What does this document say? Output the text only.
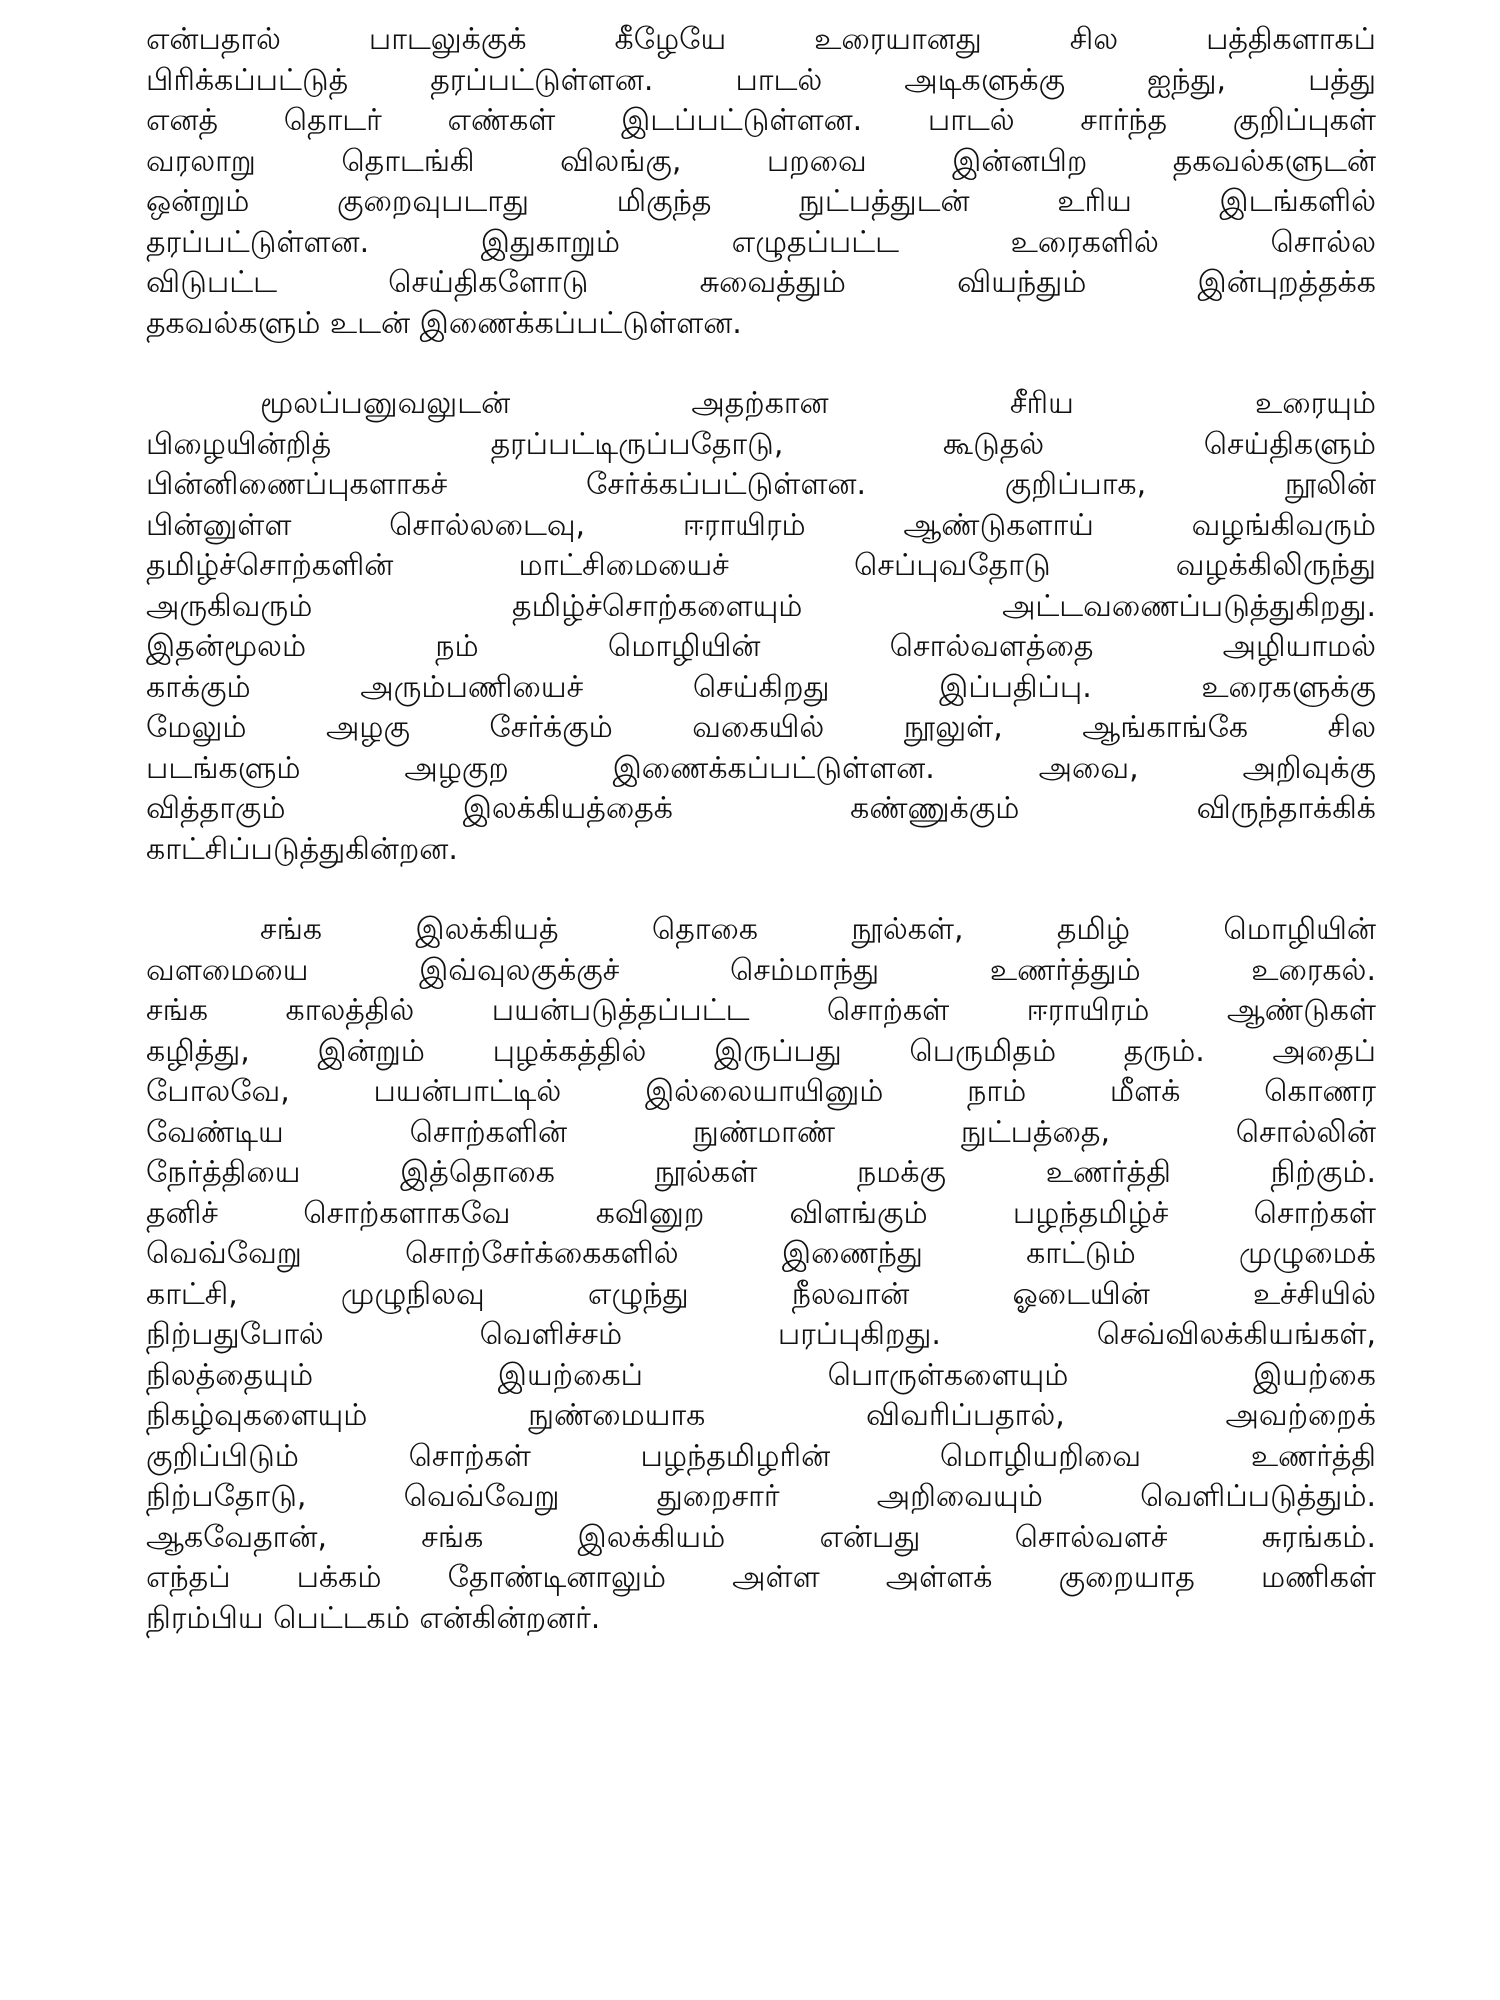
என்பதால் பாடலுக்குக் கீழேயே உரையானது சில பத்திகளாகப்
பிரிக்கப்பட்டுத் தரப்பட்டுள்ளன. பாடல் அடிகளுக்கு ஐந்து, பத்து
எனத் தொடர் எண்கள் இடப்பட்டுள்ளன. பாடல் சார்ந்த குறிப்புகள்
வரலாறு தொடங்கி விலங்கு, பறவை இன்னபிற தகவல்களுடன்
ஒன்றும் குறைவுபடாது மிகுந்த நுட்பத்துடன் உரிய இடங்களில்
தரப்பட்டுள்ளன. இதுகாறும் எழுதப்பட்ட உரைகளில் சொல்ல
விடுபட்ட செய்திகளோடு சுவைத்தும் வியந்தும் இன்புறத்தக்க
தகவல்களும் உடன் இணைக்கப்பட்டுள்ளன.
மூலப்பனுவலுடன் அதற்கான சீரிய உரையும்
பிழையின்றித் தரப்பட்டிருப்பதோடு, கூடுதல் செய்திகளும்
பின்னிணைப்புகளாகச் சேர்க்கப்பட்டுள்ளன. குறிப்பாக, நூலின்
பின்னுள்ள சொல்லடைவு, ஈராயிரம் ஆண்டுகளாய் வழங்கிவரும்
தமிழ்ச்சொற்களின் மாட்சிமையைச் செப்புவதோடு வழக்கிலிருந்து
அருகிவரும் தமிழ்ச்சொற்களையும் அட்டவணைப்படுத்துகிறது.
இதன்மூலம் நம் மொழியின் சொல்வளத்தை அழியாமல்
காக்கும் அரும்பணியைச் செய்கிறது இப்பதிப்பு. உரைகளுக்கு
மேலும் அழகு சேர்க்கும் வகையில் நூலுள், ஆங்காங்கே சில
படங்களும் அழகுற இணைக்கப்பட்டுள்ளன. அவை, அறிவுக்கு
வித்தாகும் இலக்கியத்தைக் கண்ணுக்கும் விருந்தாக்கிக்
காட்சிப்படுத்துகின்றன.
சங்க இலக்கியத் தொகை நூல்கள், தமிழ் மொழியின்
வளமையை இவ்வுலகுக்குச் செம்மாந்து உணர்த்தும் உரைகல்.
சங்க காலத்தில் பயன்படுத்தப்பட்ட சொற்கள் ஈராயிரம் ஆண்டுகள்
கழித்து, இன்றும் புழக்கத்தில் இருப்பது பெருமிதம் தரும். அதைப்
போலவே, பயன்பாட்டில் இல்லையாயினும் நாம் மீளக் கொணர
வேண்டிய சொற்களின் நுண்மாண் நுட்பத்தை, சொல்லின்
நேர்த்தியை இத்தொகை நூல்கள் நமக்கு உணர்த்தி நிற்கும்.
தனிச் சொற்களாகவே கவினுற விளங்கும் பழந்தமிழ்ச் சொற்கள்
வெவ்வேறு சொற்சேர்க்கைகளில் இணைந்து காட்டும் முழுமைக்
காட்சி, முழுநிலவு எழுந்து நீலவான் ஓடையின் உச்சியில்
நிற்பதுபோல் வெளிச்சம் பரப்புகிறது. செவ்விலக்கியங்கள்,
நிலத்தையும் இயற்கைப் பொருள்களையும் இயற்கை
நிகழ்வுகளையும் நுண்மையாக விவரிப்பதால், அவற்றைக்
குறிப்பிடும் சொற்கள் பழந்தமிழரின் மொழியறிவை உணர்த்தி
நிற்பதோடு, வெவ்வேறு துறைசார் அறிவையும் வெளிப்படுத்தும்.
ஆகவேதான், சங்க இலக்கியம் என்பது சொல்வளச் சுரங்கம்.
எந்தப் பக்கம் தோண்டினாலும் அள்ள அள்ளக் குறையாத மணிகள்
நிரம்பிய பெட்டகம் என்கின்றனர்.
